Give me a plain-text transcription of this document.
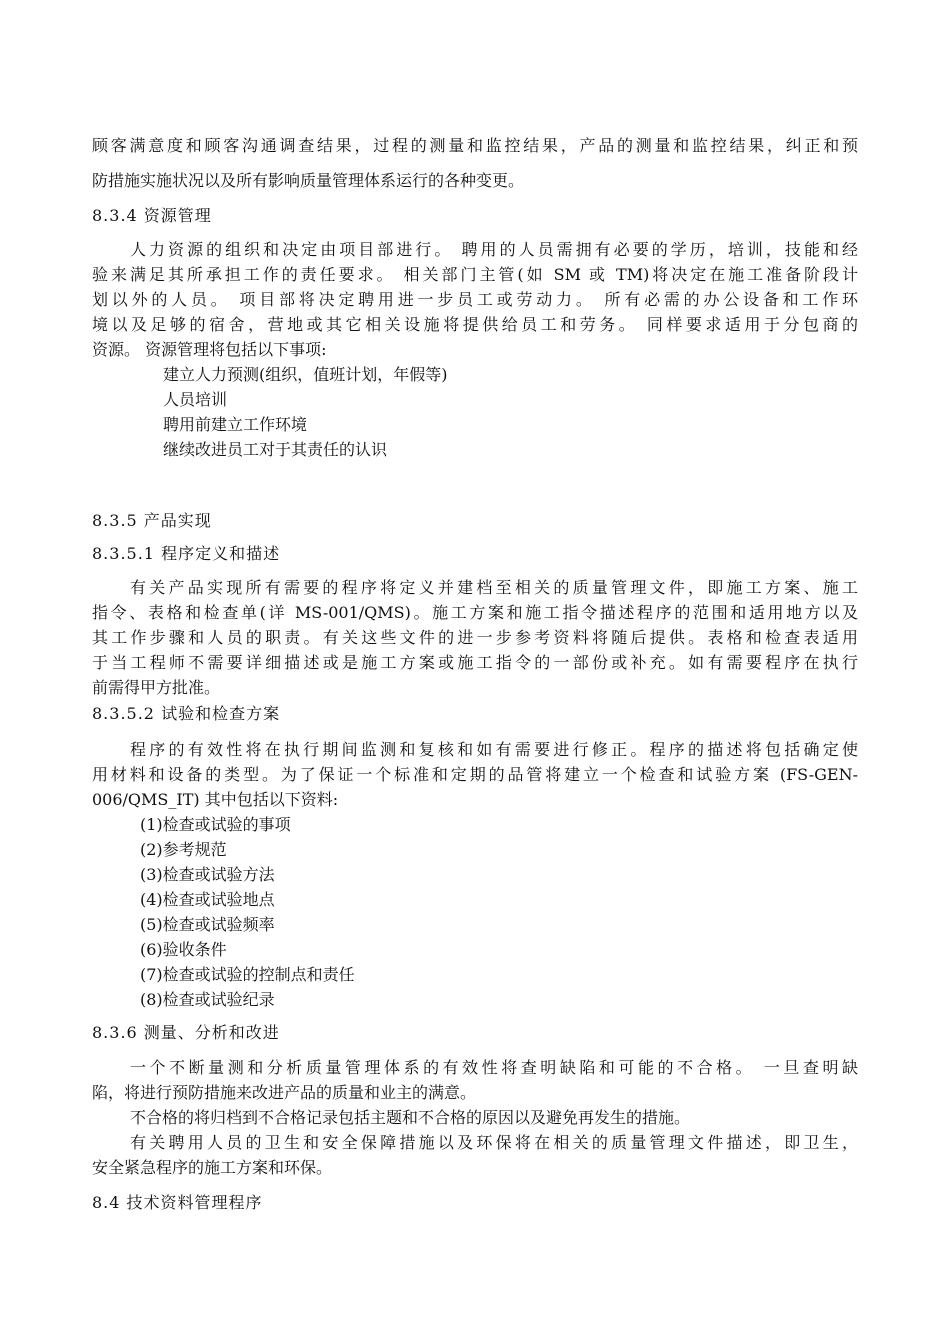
顾客满意度和顾客沟通调查结果，过程的测量和监控结果，产品的测量和监控结果，纠正和预
防措施实施状况以及所有影响质量管理体系运行的各种变更。
8.3.4 资源管理
人力资源的组织和决定由项目部进行。 聘用的人员需拥有必要的学历，培训，技能和经
验来满足其所承担工作的责任要求。 相关部门主管(如 SM 或 TM)将决定在施工准备阶段计
划以外的人员。 项目部将决定聘用进一步员工或劳动力。 所有必需的办公设备和工作环
境以及足够的宿舍，营地或其它相关设施将提供给员工和劳务。 同样要求适用于分包商的
资源。 资源管理将包括以下事项:
建立人力预测(组织，值班计划，年假等)
人员培训
聘用前建立工作环境
继续改进员工对于其责任的认识
8.3.5 产品实现
8.3.5.1 程序定义和描述
有关产品实现所有需要的程序将定义并建档至相关的质量管理文件，即施工方案、施工
指令、表格和检查单(详 MS-001/QMS)。施工方案和施工指令描述程序的范围和适用地方以及
其工作步骤和人员的职责。有关这些文件的进一步参考资料将随后提供。表格和检查表适用
于当工程师不需要详细描述或是施工方案或施工指令的一部份或补充。如有需要程序在执行
前需得甲方批准。
8.3.5.2 试验和检查方案
程序的有效性将在执行期间监测和复核和如有需要进行修正。程序的描述将包括确定使
用材料和设备的类型。为了保证一个标准和定期的品管将建立一个检查和试验方案 (FS-GEN-
006/QMS_IT) 其中包括以下资料:
(1)检查或试验的事项
(2)参考规范
(3)检查或试验方法
(4)检查或试验地点
(5)检查或试验频率
(6)验收条件
(7)检查或试验的控制点和责任
(8)检查或试验纪录
8.3.6 测量、分析和改进
一个不断量测和分析质量管理体系的有效性将查明缺陷和可能的不合格。 一旦查明缺
陷，将进行预防措施来改进产品的质量和业主的满意。
不合格的将归档到不合格记录包括主题和不合格的原因以及避免再发生的措施。
有关聘用人员的卫生和安全保障措施以及环保将在相关的质量管理文件描述，即卫生，
安全紧急程序的施工方案和环保。
8.4 技术资料管理程序
